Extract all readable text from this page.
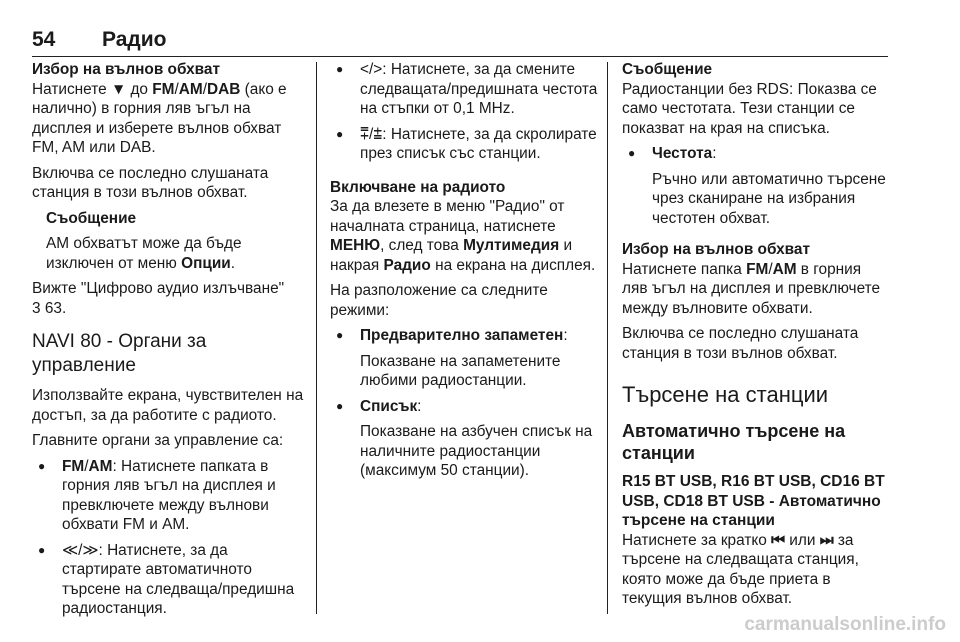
54 Радио

Избор на вълнов обхват

Натиснете ▼ до FM/AM/DAB (ако е налично) в горния ляв ъгъл на дисплея и изберете вълнов обхват FM, AM или DAB.

Включва се последно слушаната станция в този вълнов обхват.

Съобщение

AM обхватът може да бъде изключен от меню Опции.

Вижте "Цифрово аудио излъчване"
3 63.

NAVI 80 - Органи за управление

Използвайте екрана, чувствителен на достъп, за да работите с радиото.

Главните органи за управление са:

● FM/AM: Натиснете папката в горния ляв ъгъл на дисплея и превключете между вълнови обхвати FM и AM.

● ≪/≫: Натиснете, за да стартирате автоматичното търсене на следваща/предишна радиостанция.

● </>: Натиснете, за да смените следващата/предишната честота на стъпки от 0,1 MHz.

● ⩱/⩲: Натиснете, за да скролирате през списък със станции.

Включване на радиото

За да влезете в меню "Радио" от началната страница, натиснете МЕНЮ, след това Мултимедия и накрая Радио на екрана на дисплея.

На разположение са следните режими:

● Предварително запаметен:

Показване на запаметените любими радиостанции.

● Списък:

Показване на азбучен списък на наличните радиостанции (максимум 50 станции).

Съобщение

Радиостанции без RDS: Показва се само честотата. Тези станции се показват на края на списъка.

● Честота:

Ръчно или автоматично търсене чрез сканиране на избрания честотен обхват.

Избор на вълнов обхват

Натиснете папка FM/AM в горния ляв ъгъл на дисплея и превключете между вълновите обхвати.

Включва се последно слушаната станция в този вълнов обхват.

Търсене на станции

Автоматично търсене на станции

R15 BT USB, R16 BT USB, CD16 BT USB, CD18 BT USB - Автоматично търсене на станции

Натиснете за кратко ⏮ или ⏭ за търсене на следващата станция, която може да бъде приета в текущия вълнов обхват.

carmanualsonline.info
